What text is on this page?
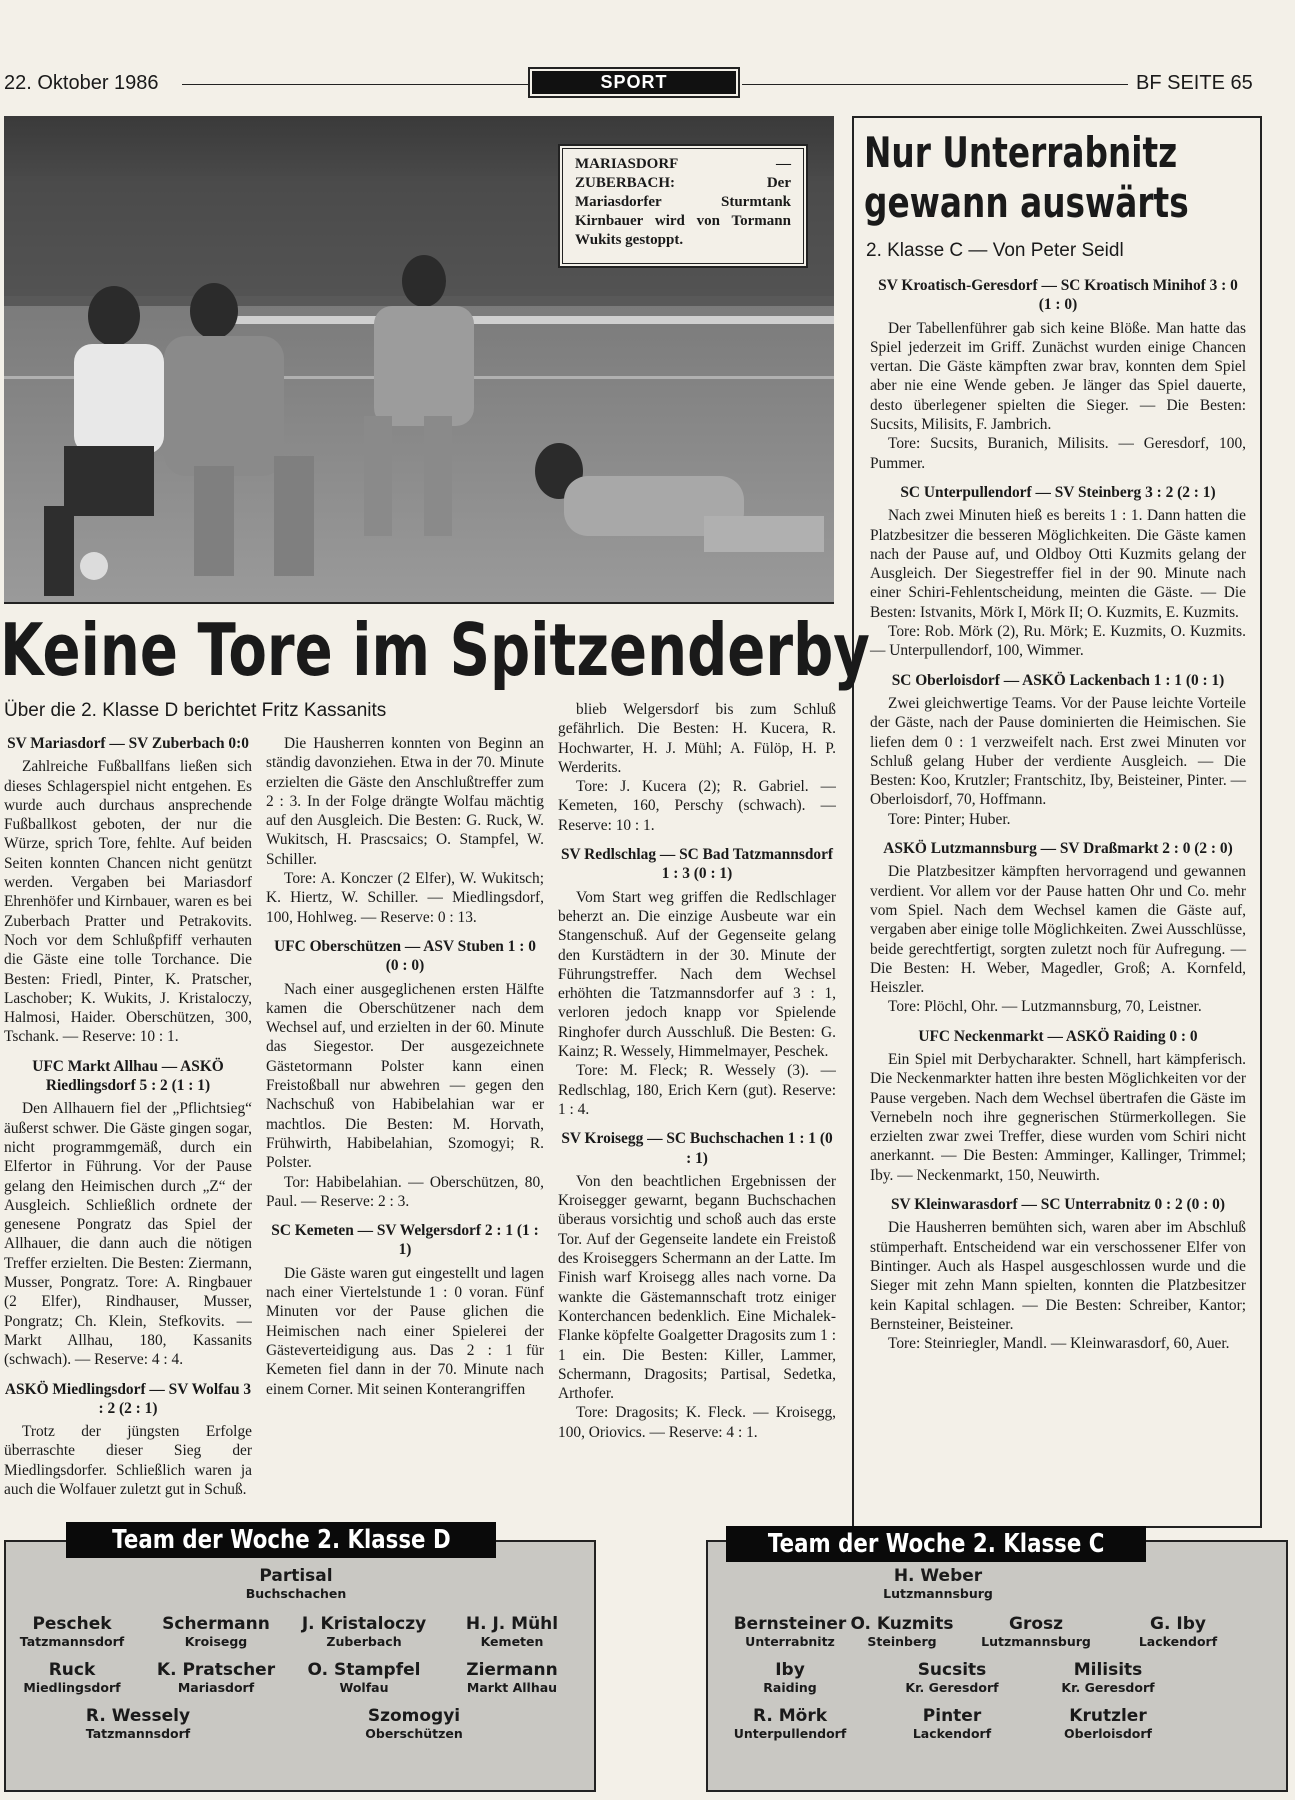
22. Oktober 1986	SPORT	BF SEITE 65
MARIASDORF — ZUBERBACH: Der Mariasdorfer Sturmtank Kirnbauer wird von Tormann Wukits gestoppt.
Nur Unterrabnitz
gewann auswärts
2. Klasse C — Von Peter Seidl

SV Kroatisch-Geresdorf — SC Kroatisch Minihof 3 : 0 (1 : 0)

Der Tabellenführer gab sich keine Blöße. Man hatte das Spiel jederzeit im Griff. Zunächst wurden einige Chancen vertan. Die Gäste kämpften zwar brav, konnten dem Spiel aber nie eine Wende geben. Je länger das Spiel dauerte, desto überlegener spielten die Sieger. — Die Besten: Sucsits, Milisits, F. Jambrich.

Tore: Sucsits, Buranich, Milisits. — Geresdorf, 100, Pummer.

SC Unterpullendorf — SV Steinberg 3 : 2 (2 : 1)

Nach zwei Minuten hieß es bereits 1 : 1. Dann hatten die Platzbesitzer die besseren Möglichkeiten. Die Gäste kamen nach der Pause auf, und Oldboy Otti Kuzmits gelang der Ausgleich. Der Siegestreffer fiel in der 90. Minute nach einer Schiri-Fehlentscheidung, meinten die Gäste. — Die Besten: Istvanits, Mörk I, Mörk II; O. Kuzmits, E. Kuzmits.

Tore: Rob. Mörk (2), Ru. Mörk; E. Kuzmits, O. Kuzmits. — Unterpullendorf, 100, Wimmer.

SC Oberloisdorf — ASKÖ Lackenbach 1 : 1 (0 : 1)

Zwei gleichwertige Teams. Vor der Pause leichte Vorteile der Gäste, nach der Pause dominierten die Heimischen. Sie liefen dem 0 : 1 verzweifelt nach. Erst zwei Minuten vor Schluß gelang Huber der verdiente Ausgleich. — Die Besten: Koo, Krutzler; Frantschitz, Iby, Beisteiner, Pinter. — Oberloisdorf, 70, Hoffmann.

Tore: Pinter; Huber.

ASKÖ Lutzmannsburg — SV Draßmarkt 2 : 0 (2 : 0)

Die Platzbesitzer kämpften hervorragend und gewannen verdient. Vor allem vor der Pause hatten Ohr und Co. mehr vom Spiel. Nach dem Wechsel kamen die Gäste auf, vergaben aber einige tolle Möglichkeiten. Zwei Ausschlüsse, beide gerechtfertigt, sorgten zuletzt noch für Aufregung. — Die Besten: H. Weber, Magedler, Groß; A. Kornfeld, Heiszler.

Tore: Plöchl, Ohr. — Lutzmannsburg, 70, Leistner.

UFC Neckenmarkt — ASKÖ Raiding 0 : 0

Ein Spiel mit Derbycharakter. Schnell, hart kämpferisch. Die Neckenmarkter hatten ihre besten Möglichkeiten vor der Pause vergeben. Nach dem Wechsel übertrafen die Gäste im Vernebeln noch ihre gegnerischen Stürmerkollegen. Sie erzielten zwar zwei Treffer, diese wurden vom Schiri nicht anerkannt. — Die Besten: Amminger, Kallinger, Trimmel; Iby. — Neckenmarkt, 150, Neuwirth.

SV Kleinwarasdorf — SC Unterrabnitz 0 : 2 (0 : 0)

Die Hausherren bemühten sich, waren aber im Abschluß stümperhaft. Entscheidend war ein verschossener Elfer von Bintinger. Auch als Haspel ausgeschlossen wurde und die Sieger mit zehn Mann spielten, konnten die Platzbesitzer kein Kapital schlagen. — Die Besten: Schreiber, Kantor; Bernsteiner, Beisteiner.

Tore: Steinriegler, Mandl. — Kleinwarasdorf, 60, Auer.

Keine Tore im Spitzenderby
Über die 2. Klasse D berichtet Fritz Kassanits

SV Mariasdorf — SV Zuberbach 0:0

Zahlreiche Fußballfans ließen sich dieses Schlagerspiel nicht entgehen. Es wurde auch durchaus ansprechende Fußballkost geboten, der nur die Würze, sprich Tore, fehlte. Auf beiden Seiten konnten Chancen nicht genützt werden. Vergaben bei Mariasdorf Ehrenhöfer und Kirnbauer, waren es bei Zuberbach Pratter und Petrakovits. Noch vor dem Schlußpfiff verhauten die Gäste eine tolle Torchance. Die Besten: Friedl, Pinter, K. Pratscher, Laschober; K. Wukits, J. Kristaloczy, Halmosi, Haider. Oberschützen, 300, Tschank. — Reserve: 10 : 1.

UFC Markt Allhau — ASKÖ Riedlingsdorf 5 : 2 (1 : 1)

Den Allhauern fiel der „Pflichtsieg“ äußerst schwer. Die Gäste gingen sogar, nicht programmgemäß, durch ein Elfertor in Führung. Vor der Pause gelang den Heimischen durch „Z“ der Ausgleich. Schließlich ordnete der genesene Pongratz das Spiel der Allhauer, die dann auch die nötigen Treffer erzielten. Die Besten: Ziermann, Musser, Pongratz. Tore: A. Ringbauer (2 Elfer), Rindhauser, Musser, Pongratz; Ch. Klein, Stefkovits. — Markt Allhau, 180, Kassanits (schwach). — Reserve: 4 : 4.

ASKÖ Miedlingsdorf — SV Wolfau 3 : 2 (2 : 1)

Trotz der jüngsten Erfolge überraschte dieser Sieg der Miedlingsdorfer. Schließlich waren ja auch die Wolfauer zuletzt gut in Schuß.

Die Hausherren konnten von Beginn an ständig davonziehen. Etwa in der 70. Minute erzielten die Gäste den Anschlußtreffer zum 2 : 3. In der Folge drängte Wolfau mächtig auf den Ausgleich. Die Besten: G. Ruck, W. Wukitsch, H. Prascsaics; O. Stampfel, W. Schiller.

Tore: A. Konczer (2 Elfer), W. Wukitsch; K. Hiertz, W. Schiller. — Miedlingsdorf, 100, Hohlweg. — Reserve: 0 : 13.

UFC Oberschützen — ASV Stuben 1 : 0 (0 : 0)

Nach einer ausgeglichenen ersten Hälfte kamen die Oberschützener nach dem Wechsel auf, und erzielten in der 60. Minute das Siegestor. Der ausgezeichnete Gästetormann Polster kann einen Freistoßball nur abwehren — gegen den Nachschuß von Habibelahian war er machtlos. Die Besten: M. Horvath, Frühwirth, Habibelahian, Szomogyi; R. Polster.

Tor: Habibelahian. — Oberschützen, 80, Paul. — Reserve: 2 : 3.

SC Kemeten — SV Welgersdorf 2 : 1 (1 : 1)

Die Gäste waren gut eingestellt und lagen nach einer Viertelstunde 1 : 0 voran. Fünf Minuten vor der Pause glichen die Heimischen nach einer Spielerei der Gästeverteidigung aus. Das 2 : 1 für Kemeten fiel dann in der 70. Minute nach einem Corner. Mit seinen Konterangriffen

blieb Welgersdorf bis zum Schluß gefährlich. Die Besten: H. Kucera, R. Hochwarter, H. J. Mühl; A. Fülöp, H. P. Werderits.

Tore: J. Kucera (2); R. Gabriel. — Kemeten, 160, Perschy (schwach). — Reserve: 10 : 1.

SV Redlschlag — SC Bad Tatzmannsdorf 1 : 3 (0 : 1)

Vom Start weg griffen die Redlschlager beherzt an. Die einzige Ausbeute war ein Stangenschuß. Auf der Gegenseite gelang den Kurstädtern in der 30. Minute der Führungstreffer. Nach dem Wechsel erhöhten die Tatzmannsdorfer auf 3 : 1, verloren jedoch knapp vor Spielende Ringhofer durch Ausschluß. Die Besten: G. Kainz; R. Wessely, Himmelmayer, Peschek.

Tore: M. Fleck; R. Wessely (3). — Redlschlag, 180, Erich Kern (gut). Reserve: 1 : 4.

SV Kroisegg — SC Buchschachen 1 : 1 (0 : 1)

Von den beachtlichen Ergebnissen der Kroisegger gewarnt, begann Buchschachen überaus vorsichtig und schoß auch das erste Tor. Auf der Gegenseite landete ein Freistoß des Kroiseggers Schermann an der Latte. Im Finish warf Kroisegg alles nach vorne. Da wankte die Gästemannschaft trotz einiger Konterchancen bedenklich. Eine Michalek-Flanke köpfelte Goalgetter Dragosits zum 1 : 1 ein. Die Besten: Killer, Lammer, Schermann, Dragosits; Partisal, Sedetka, Arthofer.

Tore: Dragosits; K. Fleck. — Kroisegg, 100, Oriovics. — Reserve: 4 : 1.

Team der Woche 2. Klasse D
Partisal
Buchschachen
Peschek
Tatzmannsdorf
Schermann
Kroisegg
J. Kristaloczy
Zuberbach
H. J. Mühl
Kemeten
Ruck
Miedlingsdorf
K. Pratscher
Mariasdorf
O. Stampfel
Wolfau
Ziermann
Markt Allhau
R. Wessely
Tatzmannsdorf
Szomogyi
Oberschützen
Team der Woche 2. Klasse C
H. Weber
Lutzmannsburg
Bernsteiner
Unterrabnitz
O. Kuzmits
Steinberg
Grosz
Lutzmannsburg
G. Iby
Lackendorf
Iby
Raiding
Sucsits
Kr. Geresdorf
Milisits
Kr. Geresdorf
R. Mörk
Unterpullendorf
Pinter
Lackendorf
Krutzler
Oberloisdorf
